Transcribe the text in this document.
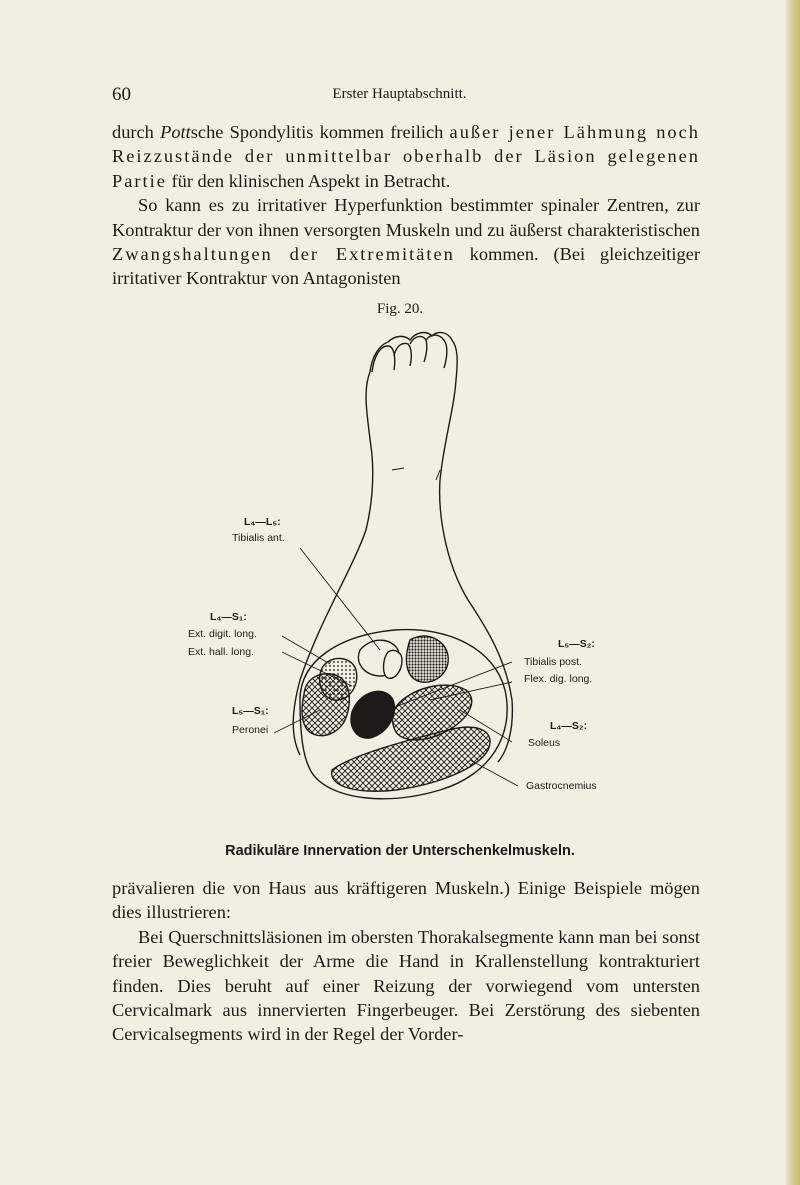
60	Erster Hauptabschnitt.

durch Pottsche Spondylitis kommen freilich außer jener Lähmung noch Reizzustände der unmittelbar oberhalb der Läsion gelegenen Partie für den klinischen Aspekt in Betracht.

So kann es zu irritativer Hyperfunktion bestimmter spinaler Zentren, zur Kontraktur der von ihnen versorgten Muskeln und zu äußerst charakteristischen Zwangshaltungen der Extremitäten kommen. (Bei gleichzeitiger irritativer Kontraktur von Antagonisten

Fig. 20.
L₄—L₅:
Tibialis ant.
L₄—S₁:
Ext. digit. long.
Ext. hall. long.
L₅—S₁:
Peronei
L₅—S₂:
Tibialis post.
Flex. dig. long.
L₄—S₂:
Soleus
Gastrocnemius
Radikuläre Innervation der Unterschenkelmuskeln.

prävalieren die von Haus aus kräftigeren Muskeln.) Einige Beispiele mögen dies illustrieren:

Bei Querschnittsläsionen im obersten Thorakalsegmente kann man bei sonst freier Beweglichkeit der Arme die Hand in Krallenstellung kontrakturiert finden. Dies beruht auf einer Reizung der vorwiegend vom untersten Cervicalmark aus innervierten Fingerbeuger. Bei Zerstörung des siebenten Cervicalsegments wird in der Regel der Vorder-
